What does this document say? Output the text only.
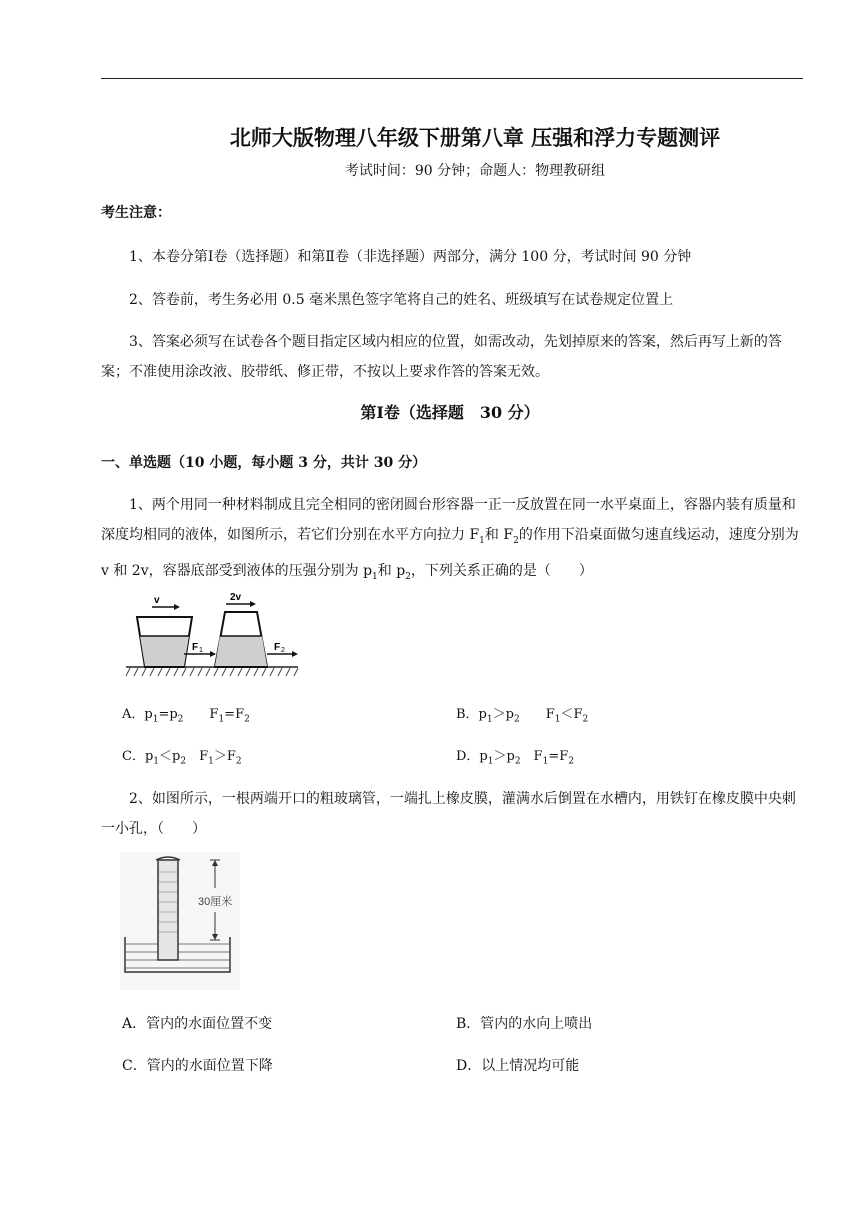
北师大版物理八年级下册第八章 压强和浮力专题测评
考试时间：90 分钟；命题人：物理教研组
考生注意：
1、本卷分第Ⅰ卷（选择题）和第Ⅱ卷（非选择题）两部分，满分 100 分，考试时间 90 分钟
2、答卷前，考生务必用 0.5 毫米黑色签字笔将自己的姓名、班级填写在试卷规定位置上
3、答案必须写在试卷各个题目指定区域内相应的位置，如需改动，先划掉原来的答案，然后再写上新的答案；不准使用涂改液、胶带纸、修正带，不按以上要求作答的答案无效。
第Ⅰ卷（选择题　30 分）
一、单选题（10 小题，每小题 3 分，共计 30 分）
1、两个用同一种材料制成且完全相同的密闭圆台形容器一正一反放置在同一水平桌面上，容器内装有质量和深度均相同的液体，如图所示，若它们分别在水平方向拉力 $F_1$和 $F_2$的作用下沿桌面做匀速直线运动，速度分别为 v 和 2v，容器底部受到液体的压强分别为 $p_1$和 $p_2$，下列关系正确的是（　　）
v	2v
F 1	F 2
A．$p_1=p_2$　　$F_1=F_2$	B．$p_1>p_2$　　$F_1<F_2$
C．$p_1<p_2$　$F_1>F_2$	D．$p_1>p_2$　$F_1=F_2$
2、如图所示，一根两端开口的粗玻璃管，一端扎上橡皮膜，灌满水后倒置在水槽内，用铁钉在橡皮膜中央刺一小孔，（　　）
30厘米
A．管内的水面位置不变	B．管内的水向上喷出
C．管内的水面位置下降	D．以上情况均可能
